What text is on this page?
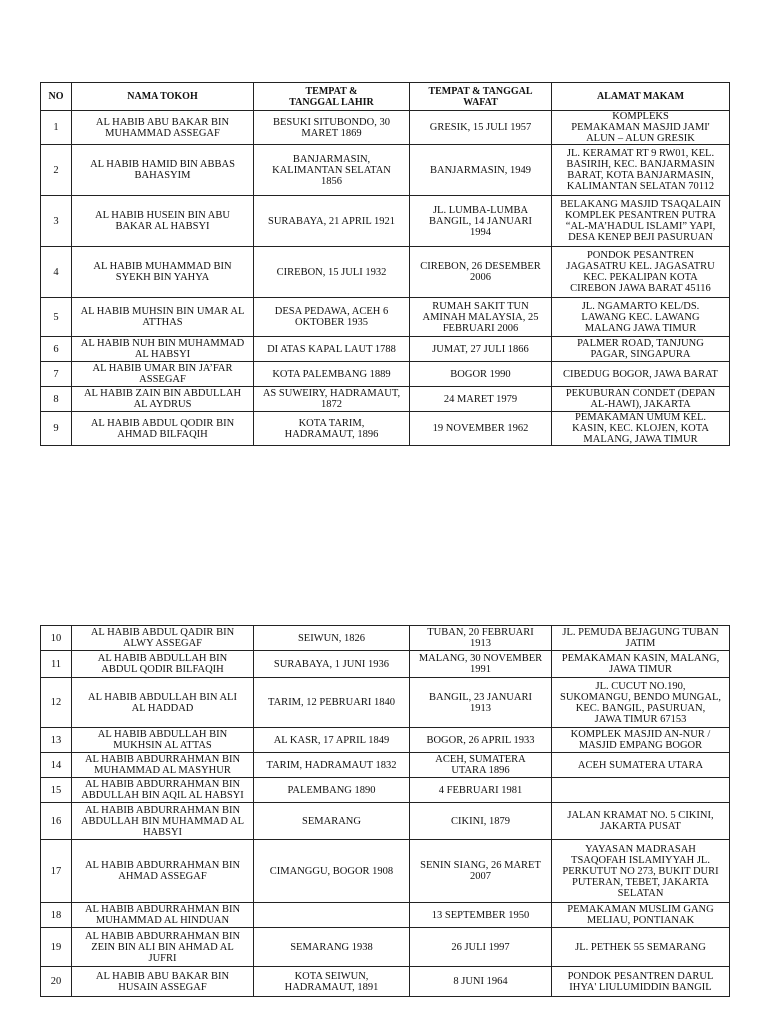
NO	NAMA TOKOH	TEMPAT &
TANGGAL LAHIR	TEMPAT & TANGGAL
WAFAT	ALAMAT MAKAM
1	AL HABIB ABU BAKAR BIN
MUHAMMAD ASSEGAF	BESUKI SITUBONDO, 30
MARET 1869	GRESIK, 15 JULI 1957	KOMPLEKS
PEMAKAMAN MASJID JAMI'
ALUN – ALUN GRESIK
2	AL HABIB HAMID BIN ABBAS
BAHASYIM	BANJARMASIN,
KALIMANTAN SELATAN
1856	BANJARMASIN, 1949	JL. KERAMAT RT 9 RW01, KEL.
BASIRIH, KEC. BANJARMASIN
BARAT, KOTA BANJARMASIN,
KALIMANTAN SELATAN 70112
3	AL HABIB HUSEIN BIN ABU
BAKAR AL HABSYI	SURABAYA, 21 APRIL 1921	JL. LUMBA-LUMBA
BANGIL, 14 JANUARI
1994	BELAKANG MASJID TSAQALAIN
KOMPLEK PESANTREN PUTRA
“AL-MA’HADUL ISLAMI” YAPI,
DESA KENEP BEJI PASURUAN
4	AL HABIB MUHAMMAD BIN
SYEKH BIN YAHYA	CIREBON, 15 JULI 1932	CIREBON, 26 DESEMBER
2006	PONDOK PESANTREN
JAGASATRU KEL. JAGASATRU
KEC. PEKALIPAN KOTA
CIREBON JAWA BARAT 45116
5	AL HABIB MUHSIN BIN UMAR AL
ATTHAS	DESA PEDAWA, ACEH 6
OKTOBER 1935	RUMAH SAKIT TUN
AMINAH MALAYSIA, 25
FEBRUARI 2006	JL. NGAMARTO KEL/DS.
LAWANG KEC. LAWANG
MALANG JAWA TIMUR
6	AL HABIB NUH BIN MUHAMMAD
AL HABSYI	DI ATAS KAPAL LAUT 1788	JUMAT, 27 JULI 1866	PALMER ROAD, TANJUNG
PAGAR, SINGAPURA
7	AL HABIB UMAR BIN JA’FAR
ASSEGAF	KOTA PALEMBANG 1889	BOGOR 1990	CIBEDUG BOGOR, JAWA BARAT
8	AL HABIB ZAIN BIN ABDULLAH
AL AYDRUS	AS SUWEIRY, HADRAMAUT,
1872	24 MARET 1979	PEKUBURAN CONDET (DEPAN
AL-HAWI), JAKARTA
9	AL HABIB ABDUL QODIR BIN
AHMAD BILFAQIH	KOTA TARIM,
HADRAMAUT, 1896	19 NOVEMBER 1962	PEMAKAMAN UMUM KEL.
KASIN, KEC. KLOJEN, KOTA
MALANG, JAWA TIMUR
10	AL HABIB ABDUL QADIR BIN
ALWY ASSEGAF	SEIWUN, 1826	TUBAN, 20 FEBRUARI
1913	JL. PEMUDA BEJAGUNG TUBAN
JATIM
11	AL HABIB ABDULLAH BIN
ABDUL QODIR BILFAQIH	SURABAYA, 1 JUNI 1936	MALANG, 30 NOVEMBER
1991	PEMAKAMAN KASIN, MALANG,
JAWA TIMUR
12	AL HABIB ABDULLAH BIN ALI
AL HADDAD	TARIM, 12 PEBRUARI 1840	BANGIL, 23 JANUARI
1913	JL. CUCUT NO.190,
SUKOMANGU, BENDO MUNGAL,
KEC. BANGIL, PASURUAN,
JAWA TIMUR 67153
13	AL HABIB ABDULLAH BIN
MUKHSIN AL ATTAS	AL KASR, 17 APRIL 1849	BOGOR, 26 APRIL 1933	KOMPLEK MASJID AN-NUR /
MASJID EMPANG BOGOR
14	AL HABIB ABDURRAHMAN BIN
MUHAMMAD AL MASYHUR	TARIM, HADRAMAUT 1832	ACEH, SUMATERA
UTARA 1896	ACEH SUMATERA UTARA
15	AL HABIB ABDURRAHMAN BIN
ABDULLAH BIN AQIL AL HABSYI	PALEMBANG 1890	4 FEBRUARI 1981	
16	AL HABIB ABDURRAHMAN BIN
ABDULLAH BIN MUHAMMAD AL
HABSYI	SEMARANG	CIKINI, 1879	JALAN KRAMAT NO. 5 CIKINI,
JAKARTA PUSAT
17	AL HABIB ABDURRAHMAN BIN
AHMAD ASSEGAF	CIMANGGU, BOGOR 1908	SENIN SIANG, 26 MARET
2007	YAYASAN MADRASAH
TSAQOFAH ISLAMIYYAH JL.
PERKUTUT NO 273, BUKIT DURI
PUTERAN, TEBET, JAKARTA
SELATAN
18	AL HABIB ABDURRAHMAN BIN
MUHAMMAD AL HINDUAN		13 SEPTEMBER 1950	PEMAKAMAN MUSLIM GANG
MELIAU, PONTIANAK
19	AL HABIB ABDURRAHMAN BIN
ZEIN BIN ALI BIN AHMAD AL
JUFRI	SEMARANG 1938	26 JULI 1997	JL. PETHEK 55 SEMARANG
20	AL HABIB ABU BAKAR BIN
HUSAIN ASSEGAF	KOTA SEIWUN,
HADRAMAUT, 1891	8 JUNI 1964	PONDOK PESANTREN DARUL
IHYA' LIULUMIDDIN BANGIL
